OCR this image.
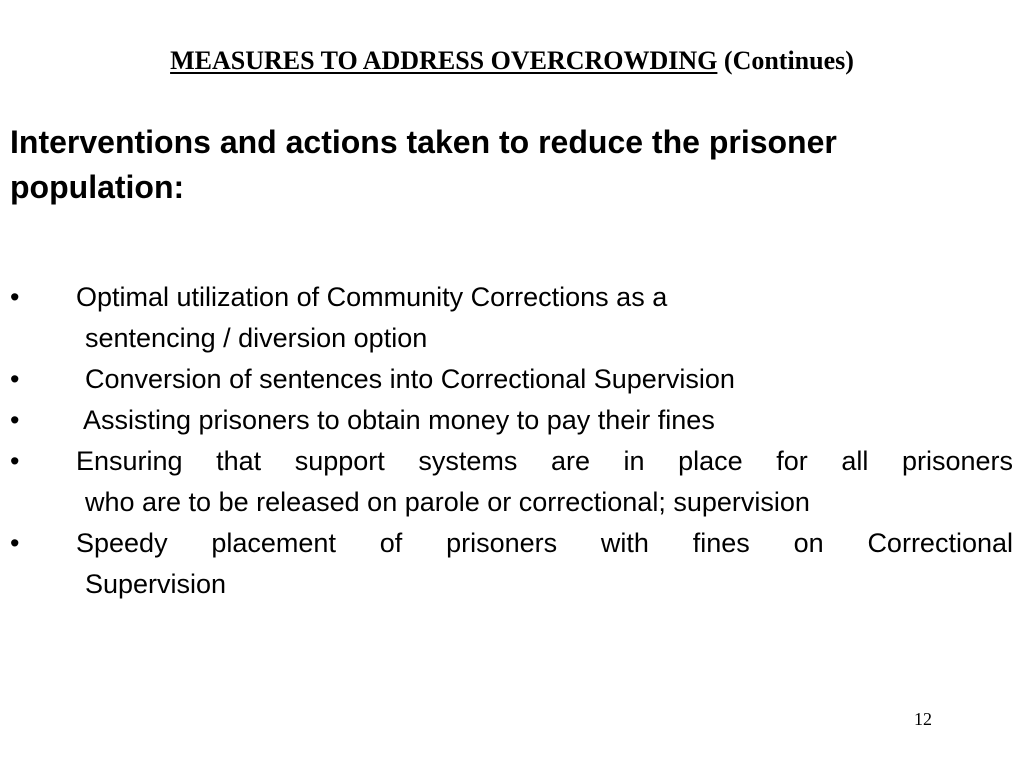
MEASURES TO ADDRESS OVERCROWDING (Continues)
Interventions and actions taken to reduce the prisoner population:
•	Optimal utilization of Community Corrections as a
sentencing / diversion option
•	Conversion of sentences into Correctional Supervision
•	Assisting prisoners to obtain money to pay their fines
•	Ensuring that support systems are in place for all prisoners
who are to be released on parole or correctional; supervision
•	Speedy placement of prisoners with fines on Correctional
Supervision
12
